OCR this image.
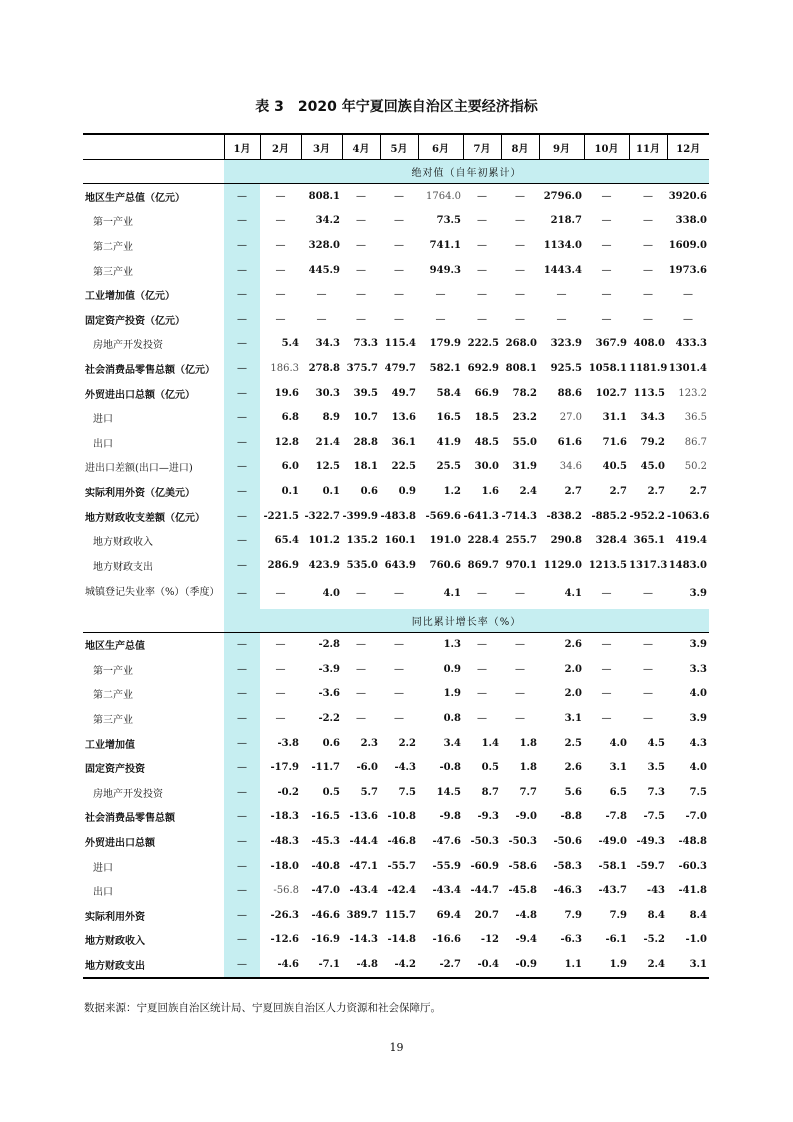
表 3　2020 年宁夏回族自治区主要经济指标
	1月	2月	3月	4月	5月	6月	7月	8月	9月	10月	11月	12月
	绝对值（自年初累计）											
地区生产总值（亿元）	—	—	808.1	—	—	1764.0	—	—	2796.0	—	—	3920.6
第一产业	—	—	34.2	—	—	73.5	—	—	218.7	—	—	338.0
第二产业	—	—	328.0	—	—	741.1	—	—	1134.0	—	—	1609.0
第三产业	—	—	445.9	—	—	949.3	—	—	1443.4	—	—	1973.6
工业增加值（亿元）	—	—	—	—	—	—	—	—	—	—	—	—
固定资产投资（亿元）	—	—	—	—	—	—	—	—	—	—	—	—
房地产开发投资	—	5.4	34.3	73.3	115.4	179.9	222.5	268.0	323.9	367.9	408.0	433.3
社会消费品零售总额（亿元）	—	186.3	278.8	375.7	479.7	582.1	692.9	808.1	925.5	1058.1	1181.9	1301.4
外贸进出口总额（亿元）	—	19.6	30.3	39.5	49.7	58.4	66.9	78.2	88.6	102.7	113.5	123.2
进口	—	6.8	8.9	10.7	13.6	16.5	18.5	23.2	27.0	31.1	34.3	36.5
出口	—	12.8	21.4	28.8	36.1	41.9	48.5	55.0	61.6	71.6	79.2	86.7
进出口差额(出口—进口)	—	6.0	12.5	18.1	22.5	25.5	30.0	31.9	34.6	40.5	45.0	50.2
实际利用外资（亿美元）	—	0.1	0.1	0.6	0.9	1.2	1.6	2.4	2.7	2.7	2.7	2.7
地方财政收支差额（亿元）	—	-221.5	-322.7	-399.9	-483.8	-569.6	-641.3	-714.3	-838.2	-885.2	-952.2	-1063.6
地方财政收入	—	65.4	101.2	135.2	160.1	191.0	228.4	255.7	290.8	328.4	365.1	419.4
地方财政支出	—	286.9	423.9	535.0	643.9	760.6	869.7	970.1	1129.0	1213.5	1317.3	1483.0
城镇登记失业率（%）（季度）	—	—	4.0	—	—	4.1	—	—	4.1	—	—	3.9
	同比累计增长率（%）											
地区生产总值	—	—	-2.8	—	—	1.3	—	—	2.6	—	—	3.9
第一产业	—	—	-3.9	—	—	0.9	—	—	2.0	—	—	3.3
第二产业	—	—	-3.6	—	—	1.9	—	—	2.0	—	—	4.0
第三产业	—	—	-2.2	—	—	0.8	—	—	3.1	—	—	3.9
工业增加值	—	-3.8	0.6	2.3	2.2	3.4	1.4	1.8	2.5	4.0	4.5	4.3
固定资产投资	—	-17.9	-11.7	-6.0	-4.3	-0.8	0.5	1.8	2.6	3.1	3.5	4.0
房地产开发投资	—	-0.2	0.5	5.7	7.5	14.5	8.7	7.7	5.6	6.5	7.3	7.5
社会消费品零售总额	—	-18.3	-16.5	-13.6	-10.8	-9.8	-9.3	-9.0	-8.8	-7.8	-7.5	-7.0
外贸进出口总额	—	-48.3	-45.3	-44.4	-46.8	-47.6	-50.3	-50.3	-50.6	-49.0	-49.3	-48.8
进口	—	-18.0	-40.8	-47.1	-55.7	-55.9	-60.9	-58.6	-58.3	-58.1	-59.7	-60.3
出口	—	-56.8	-47.0	-43.4	-42.4	-43.4	-44.7	-45.8	-46.3	-43.7	-43	-41.8
实际利用外资	—	-26.3	-46.6	389.7	115.7	69.4	20.7	-4.8	7.9	7.9	8.4	8.4
地方财政收入	—	-12.6	-16.9	-14.3	-14.8	-16.6	-12	-9.4	-6.3	-6.1	-5.2	-1.0
地方财政支出	—	-4.6	-7.1	-4.8	-4.2	-2.7	-0.4	-0.9	1.1	1.9	2.4	3.1
数据来源：宁夏回族自治区统计局、宁夏回族自治区人力资源和社会保障厅。
19
